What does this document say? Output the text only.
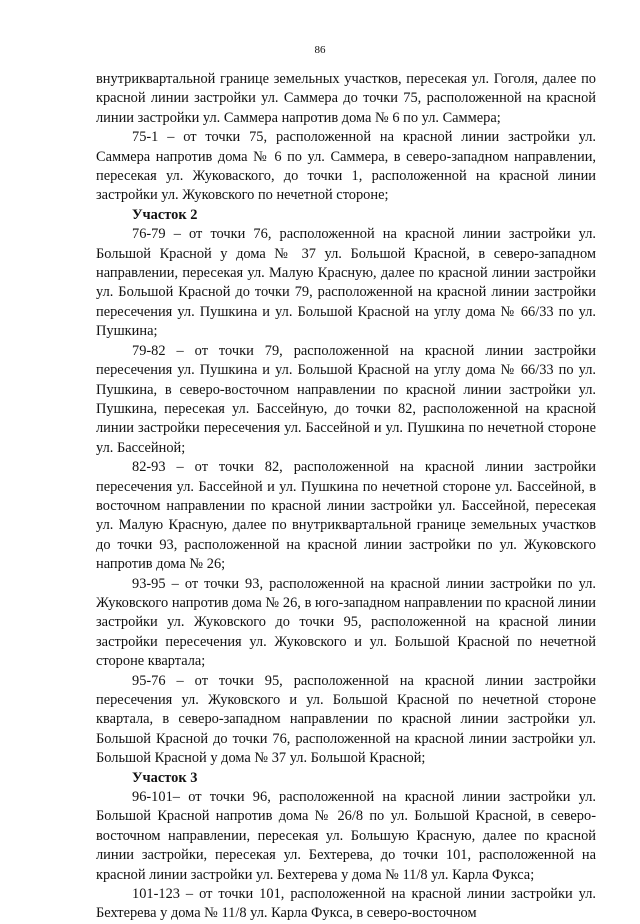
86

внутриквартальной границе земельных участков, пересекая ул. Гоголя, далее по красной линии застройки ул. Саммера до точки 75, расположенной на красной линии застройки ул. Саммера напротив дома № 6 по ул. Саммера;

75-1 – от точки 75, расположенной на красной линии застройки ул. Саммера напротив дома № 6 по ул. Саммера, в северо-западном направлении, пересекая ул. Жуковаского, до точки 1, расположенной на красной линии застройки ул. Жуковского по нечетной стороне;

Участок 2

76-79 – от точки 76, расположенной на красной линии застройки ул. Большой Красной у дома № 37 ул. Большой Красной, в северо-западном направлении, пересекая ул. Малую Красную, далее по красной линии застройки ул. Большой Красной до точки 79, расположенной на красной линии застройки пересечения ул. Пушкина и ул. Большой Красной на углу дома № 66/33 по ул. Пушкина;

79-82 – от точки 79, расположенной на красной линии застройки пересечения ул. Пушкина и ул. Большой Красной на углу дома № 66/33 по ул. Пушкина, в северо-восточном направлении по красной линии застройки ул. Пушкина, пересекая ул. Бассейную, до точки 82, расположенной на красной линии застройки пересечения ул. Бассейной и ул. Пушкина по нечетной стороне ул. Бассейной;

82-93 – от точки 82, расположенной на красной линии застройки пересечения ул. Бассейной и ул. Пушкина по нечетной стороне ул. Бассейной, в восточном направлении по красной линии застройки ул. Бассейной, пересекая ул. Малую Красную, далее по внутриквартальной границе земельных участков до точки 93, расположенной на красной линии застройки по ул. Жуковского напротив дома № 26;

93-95 – от точки 93, расположенной на красной линии застройки по ул. Жуковского напротив дома № 26, в юго-западном направлении по красной линии застройки ул. Жуковского до точки 95, расположенной на красной линии застройки пересечения ул. Жуковского и ул. Большой Красной по нечетной стороне квартала;

95-76 – от точки 95, расположенной на красной линии застройки пересечения ул. Жуковского и ул. Большой Красной по нечетной стороне квартала, в северо-западном направлении по красной линии застройки ул. Большой Красной до точки 76, расположенной на красной линии застройки ул. Большой Красной у дома № 37 ул. Большой Красной;

Участок 3

96-101– от точки 96, расположенной на красной линии застройки ул. Большой Красной напротив дома № 26/8 по ул. Большой Красной, в северо-восточном направлении, пересекая ул. Большую Красную, далее по красной линии застройки, пересекая ул. Бехтерева, до точки 101, расположенной на красной линии застройки ул. Бехтерева у дома № 11/8 ул. Карла Фукса;

101-123 – от точки 101, расположенной на красной линии застройки ул. Бехтерева у дома № 11/8 ул. Карла Фукса, в северо-восточном
